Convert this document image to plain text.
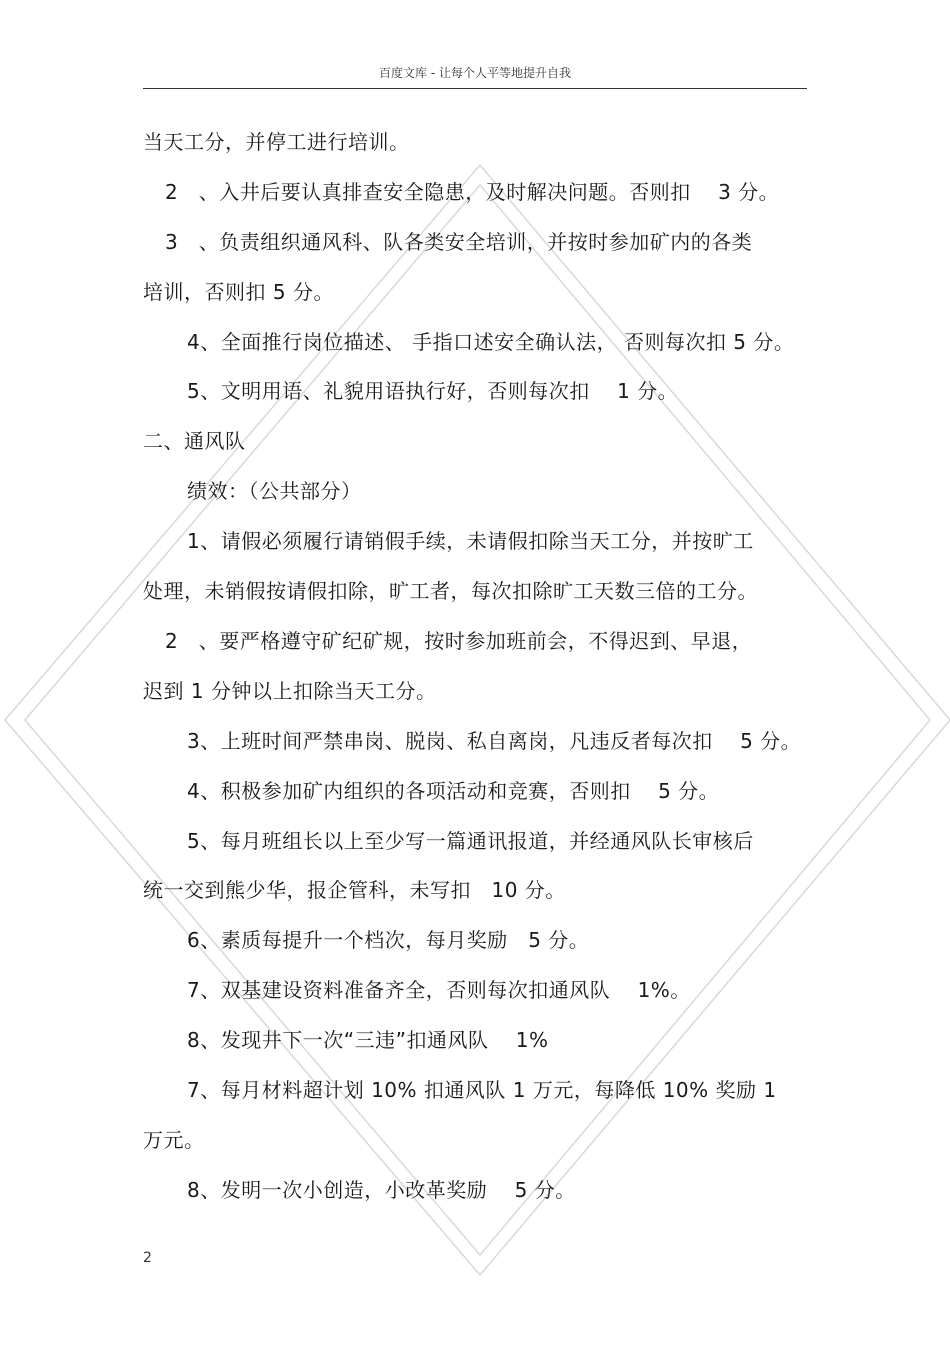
百度文库 - 让每个人平等地提升自我
当天工分，并停工进行培训。
2　、入井后要认真排查安全隐患，及时解决问题。否则扣　 3 分。
3　、负责组织通风科、队各类安全培训，并按时参加矿内的各类
培训，否则扣 5 分。
4、全面推行岗位描述、 手指口述安全确认法， 否则每次扣 5 分。
5、文明用语、礼貌用语执行好，否则每次扣　 1 分。
二、通风队
绩效：（公共部分）
1、请假必须履行请销假手续，未请假扣除当天工分，并按旷工
处理，未销假按请假扣除，旷工者，每次扣除旷工天数三倍的工分。
2　、要严格遵守矿纪矿规，按时参加班前会，不得迟到、早退，
迟到 1 分钟以上扣除当天工分。
3、上班时间严禁串岗、脱岗、私自离岗，凡违反者每次扣　 5 分。
4、积极参加矿内组织的各项活动和竞赛，否则扣　 5 分。
5、每月班组长以上至少写一篇通讯报道，并经通风队长审核后
统一交到熊少华，报企管科，未写扣　10 分。
6、素质每提升一个档次，每月奖励　5 分。
7、双基建设资料准备齐全，否则每次扣通风队　 1%。
8、发现井下一次“三违”扣通风队　 1%
7、每月材料超计划 10% 扣通风队 1 万元，每降低 10% 奖励 1
万元。
8、发明一次小创造，小改革奖励　 5 分。
2
